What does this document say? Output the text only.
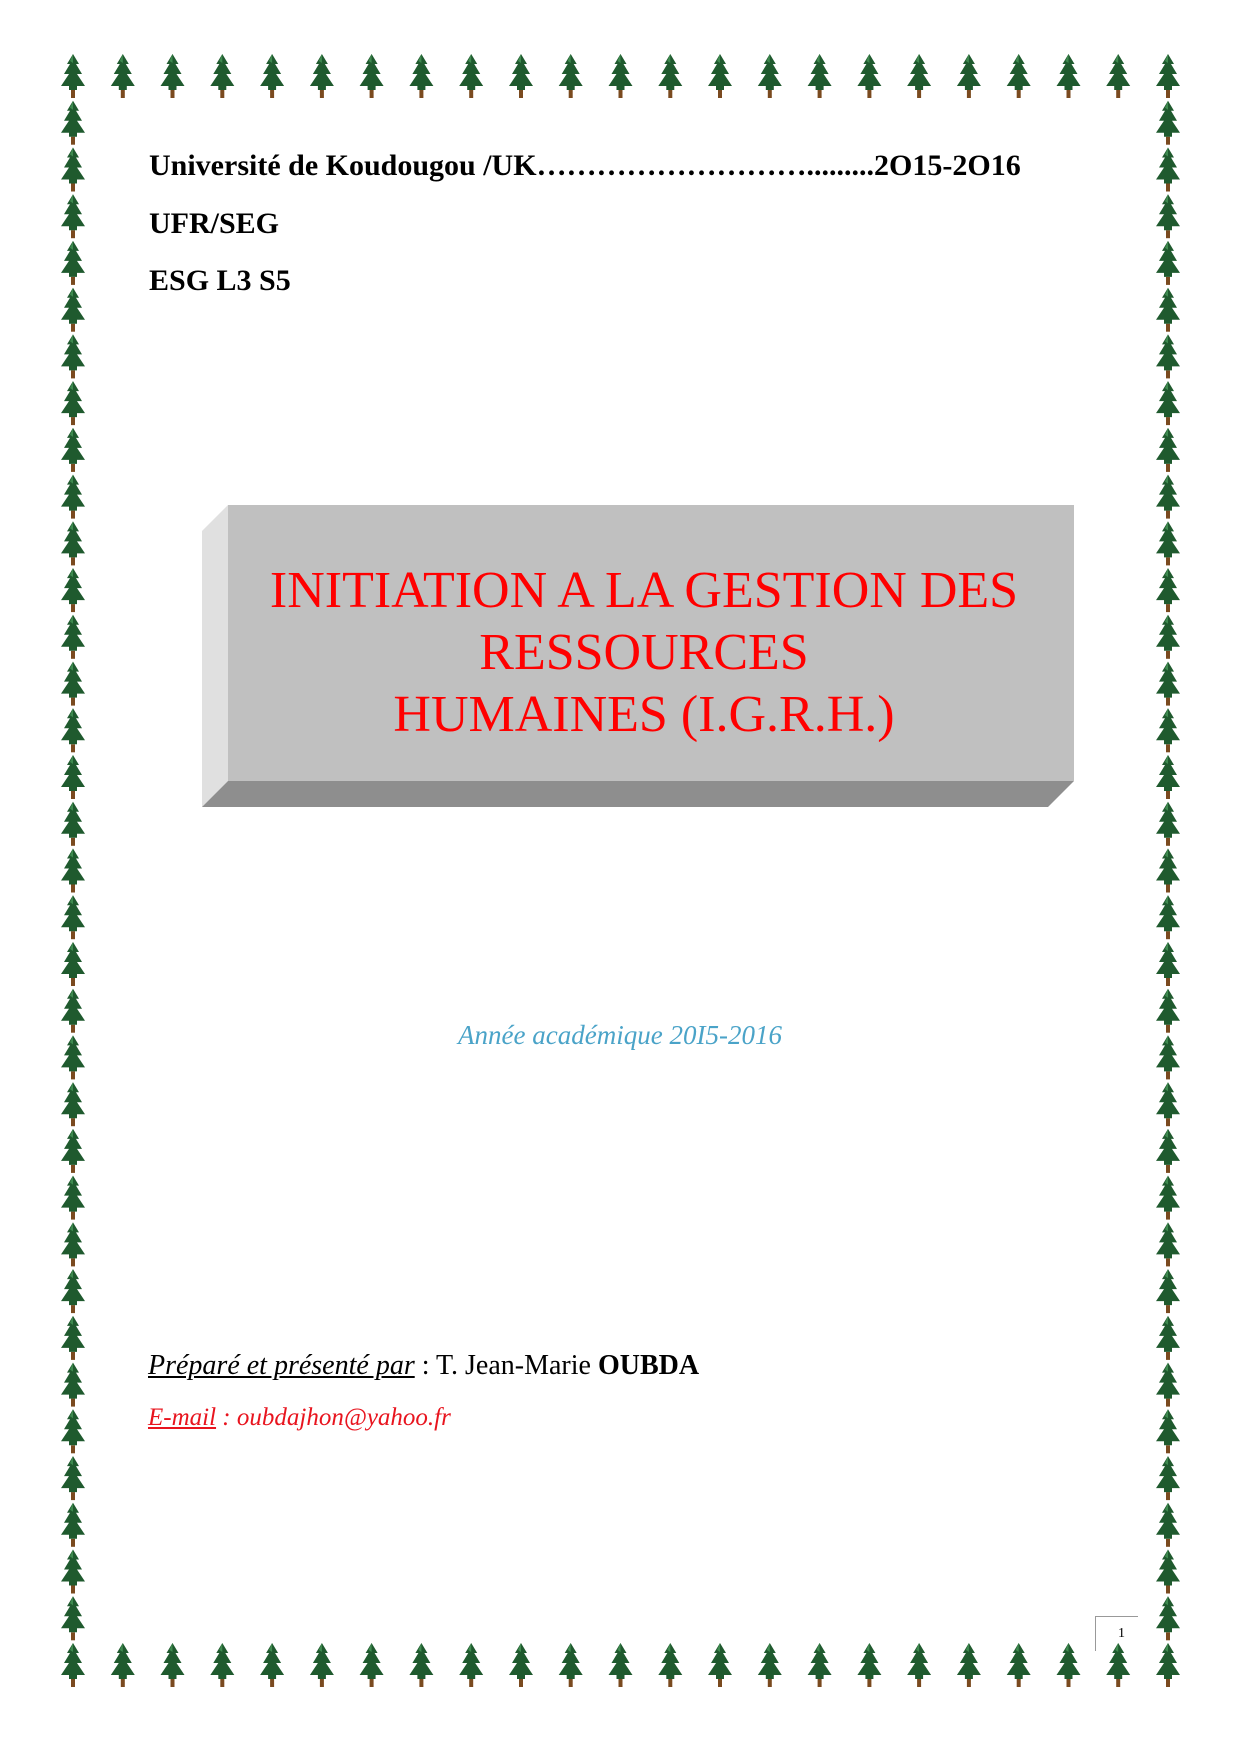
Université de Koudougou /UK……………………….........2O15-2O16
UFR/SEG
ESG L3 S5
INITIATION A LA GESTION DES
RESSOURCES
HUMAINES (I.G.R.H.)
Année académique 20I5-2016
Préparé et présenté par : T. Jean-Marie OUBDA
E-mail : oubdajhon@yahoo.fr
1
